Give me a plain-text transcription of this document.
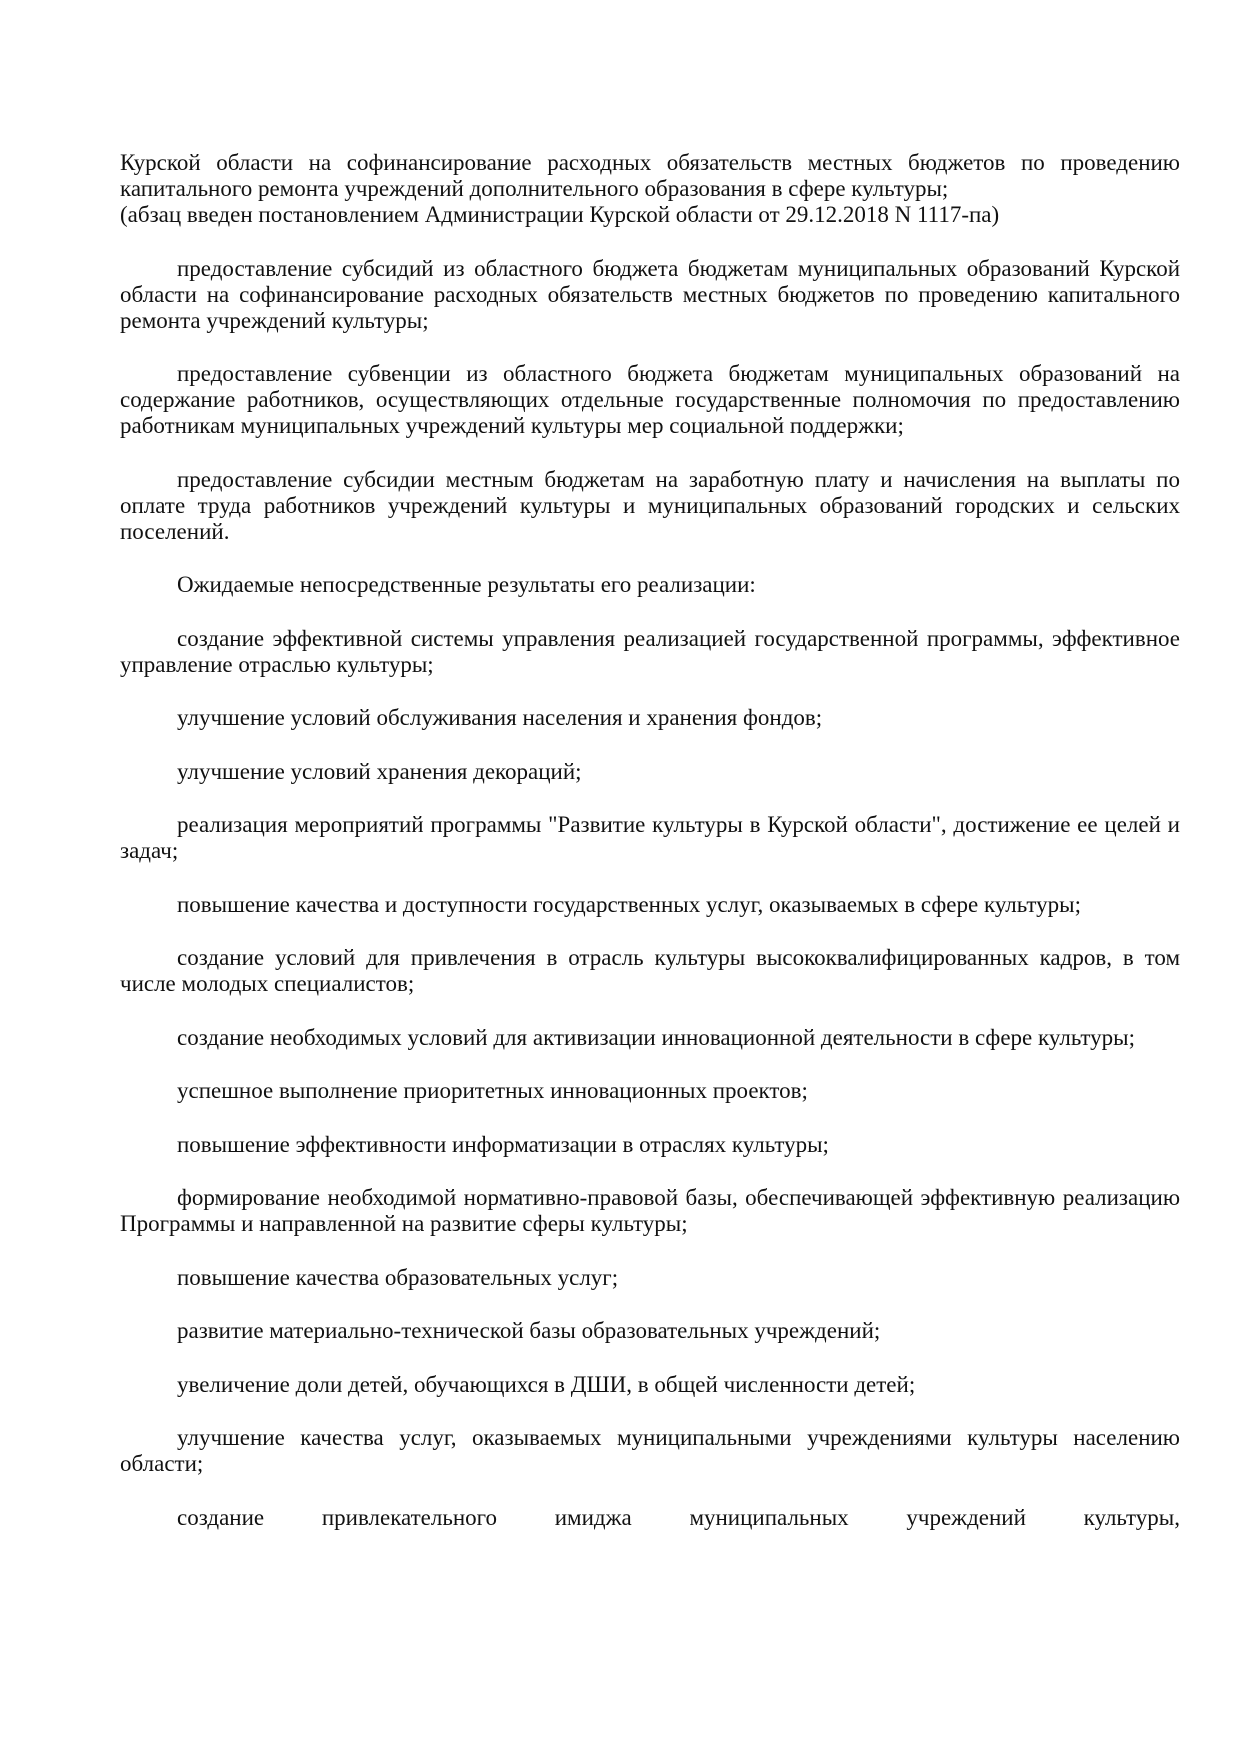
Курской области на софинансирование расходных обязательств местных бюджетов по проведению капитального ремонта учреждений дополнительного образования в сфере культуры;
(абзац введен постановлением Администрации Курской области от 29.12.2018 N 1117-па)

предоставление субсидий из областного бюджета бюджетам муниципальных образований Курской области на софинансирование расходных обязательств местных бюджетов по проведению капитального ремонта учреждений культуры;

предоставление субвенции из областного бюджета бюджетам муниципальных образований на содержание работников, осуществляющих отдельные государственные полномочия по предоставлению работникам муниципальных учреждений культуры мер социальной поддержки;

предоставление субсидии местным бюджетам на заработную плату и начисления на выплаты по оплате труда работников учреждений культуры и муниципальных образований городских и сельских поселений.

Ожидаемые непосредственные результаты его реализации:

создание эффективной системы управления реализацией государственной программы, эффективное управление отраслью культуры;

улучшение условий обслуживания населения и хранения фондов;

улучшение условий хранения декораций;

реализация мероприятий программы "Развитие культуры в Курской области", достижение ее целей и задач;

повышение качества и доступности государственных услуг, оказываемых в сфере культуры;

создание условий для привлечения в отрасль культуры высококвалифицированных кадров, в том числе молодых специалистов;

создание необходимых условий для активизации инновационной деятельности в сфере культуры;

успешное выполнение приоритетных инновационных проектов;

повышение эффективности информатизации в отраслях культуры;

формирование необходимой нормативно-правовой базы, обеспечивающей эффективную реализацию Программы и направленной на развитие сферы культуры;

повышение качества образовательных услуг;

развитие материально-технической базы образовательных учреждений;

увеличение доли детей, обучающихся в ДШИ, в общей численности детей;

улучшение качества услуг, оказываемых муниципальными учреждениями культуры населению области;

создание привлекательного имиджа муниципальных учреждений культуры,
